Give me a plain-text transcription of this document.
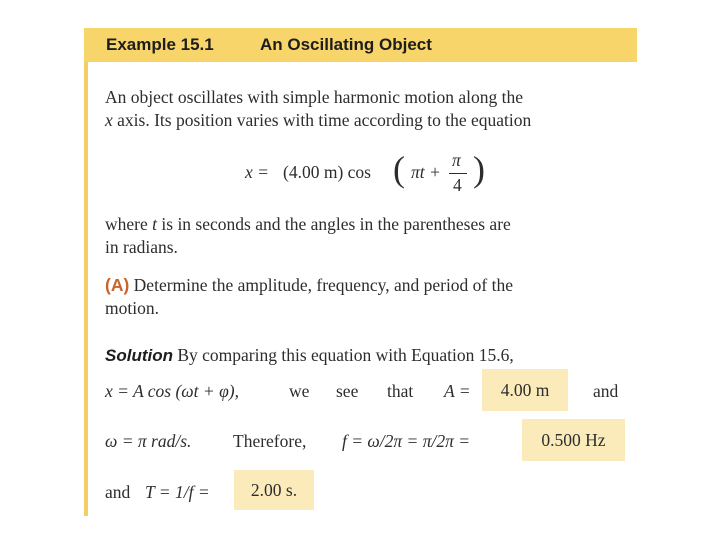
Example 15.1	An Oscillating Object
An object oscillates with simple harmonic motion along the
x axis. Its position varies with time according to the equation
x = (4.00 m) cos ( πt +
π
4 )
where t is in seconds and the angles in the parentheses are
in radians.
(A) Determine the amplitude, frequency, and period of the
motion.
Solution By comparing this equation with Equation 15.6,
x = A cos (ωt + φ),	we see that A =	4.00 m	and
ω = π rad/s. Therefore, f = ω/2π = π/2π =	0.500 Hz
and T = 1/f =	2.00 s.
